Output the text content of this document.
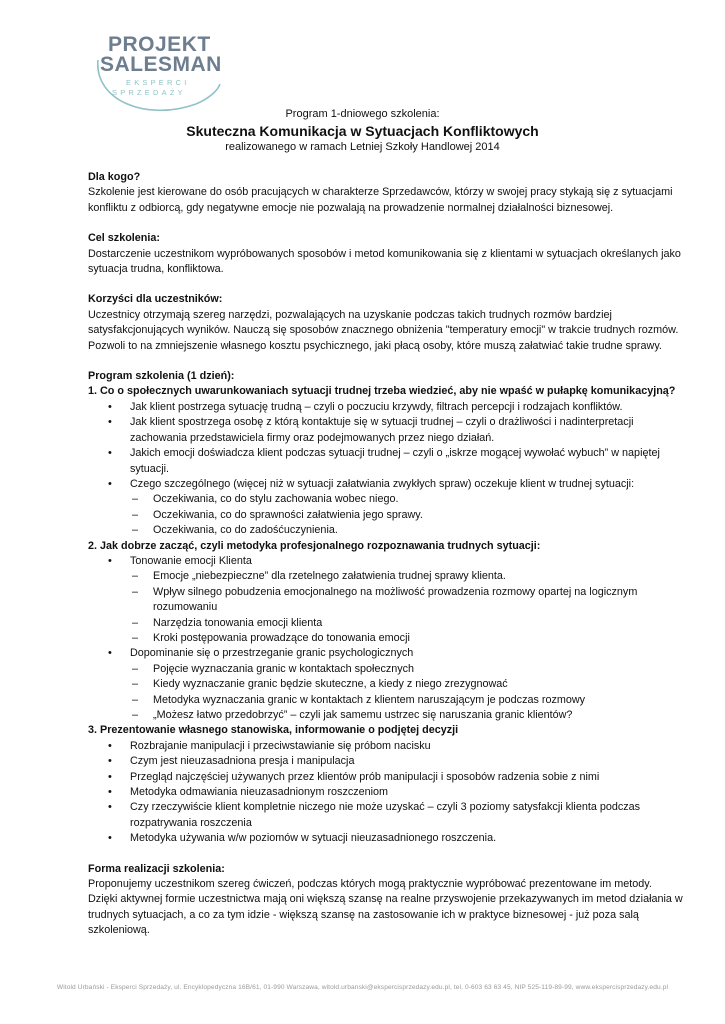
PROJEKT
SALESMAN
EKSPERCI
SPRZEDAŻY
Program 1-dniowego szkolenia:
Skuteczna Komunikacja w Sytuacjach Konfliktowych
realizowanego w ramach Letniej Szkoły Handlowej 2014

Dla kogo?

Szkolenie jest kierowane do osób pracujących w charakterze Sprzedawców, którzy w swojej pracy stykają się z sytuacjami konfliktu z odbiorcą, gdy negatywne emocje nie pozwalają na prowadzenie normalnej działalności biznesowej.

Cel szkolenia:

Dostarczenie uczestnikom wypróbowanych sposobów i metod komunikowania się z klientami w sytuacjach określanych jako sytuacja trudna, konfliktowa.

Korzyści dla uczestników:

Uczestnicy otrzymają szereg narzędzi, pozwalających na uzyskanie podczas takich trudnych rozmów bardziej satysfakcjonujących wyników. Nauczą się sposobów znacznego obniżenia "temperatury emocji" w trakcie trudnych rozmów. Pozwoli to na zmniejszenie własnego kosztu psychicznego, jaki płacą osoby, które muszą załatwiać takie trudne sprawy.

Program szkolenia (1 dzień):

1. Co o społecznych uwarunkowaniach sytuacji trudnej trzeba wiedzieć, aby nie wpaść w pułapkę komunikacyjną?

• Jak klient postrzega sytuację trudną – czyli o poczuciu krzywdy, filtrach percepcji i rodzajach konfliktów.
• Jak klient spostrzega osobę z którą kontaktuje się w sytuacji trudnej – czyli o drażliwości i nadinterpretacji zachowania przedstawiciela firmy oraz podejmowanych przez niego działań.
• Jakich emocji doświadcza klient podczas sytuacji trudnej – czyli o „iskrze mogącej wywołać wybuch” w napiętej sytuacji.
• Czego szczególnego (więcej niż w sytuacji załatwiania zwykłych spraw) oczekuje klient w trudnej sytuacji:
– Oczekiwania, co do stylu zachowania wobec niego.
– Oczekiwania, co do sprawności załatwienia jego sprawy.
– Oczekiwania, co do zadośćuczynienia.

2. Jak dobrze zacząć, czyli metodyka profesjonalnego rozpoznawania trudnych sytuacji:

• Tonowanie emocji Klienta
– Emocje „niebezpieczne” dla rzetelnego załatwienia trudnej sprawy klienta.
– Wpływ silnego pobudzenia emocjonalnego na możliwość prowadzenia rozmowy opartej na logicznym rozumowaniu
– Narzędzia tonowania emocji klienta
– Kroki postępowania prowadzące do tonowania emocji
• Dopominanie się o przestrzeganie granic psychologicznych
– Pojęcie wyznaczania granic w kontaktach społecznych
– Kiedy wyznaczanie granic będzie skuteczne, a kiedy z niego zrezygnować
– Metodyka wyznaczania granic w kontaktach z klientem naruszającym je podczas rozmowy
– „Możesz łatwo przedobrzyć” – czyli jak samemu ustrzec się naruszania granic klientów?

3. Prezentowanie własnego stanowiska, informowanie o podjętej decyzji

• Rozbrajanie manipulacji i przeciwstawianie się próbom nacisku
• Czym jest nieuzasadniona presja i manipulacja
• Przegląd najczęściej używanych przez klientów prób manipulacji i sposobów radzenia sobie z nimi
• Metodyka odmawiania nieuzasadnionym roszczeniom
• Czy rzeczywiście klient kompletnie niczego nie może uzyskać – czyli 3 poziomy satysfakcji klienta podczas rozpatrywania roszczenia
• Metodyka używania w/w poziomów w sytuacji nieuzasadnionego roszczenia.

Forma realizacji szkolenia:

Proponujemy uczestnikom szereg ćwiczeń, podczas których mogą praktycznie wypróbować prezentowane im metody. Dzięki aktywnej formie uczestnictwa mają oni większą szansę na realne przyswojenie przekazywanych im metod działania w trudnych sytuacjach, a co za tym idzie - większą szansę na zastosowanie ich w praktyce biznesowej - już poza salą szkoleniową.

Witold Urbański - Eksperci Sprzedaży, ul. Encyklopedyczna 16B/61, 01-990 Warszawa, witold.urbanski@ekspercisprzedazy.edu.pl, tel. 0-603 63 63 45, NIP 525-119-89-99, www.ekspercisprzedazy.edu.pl
